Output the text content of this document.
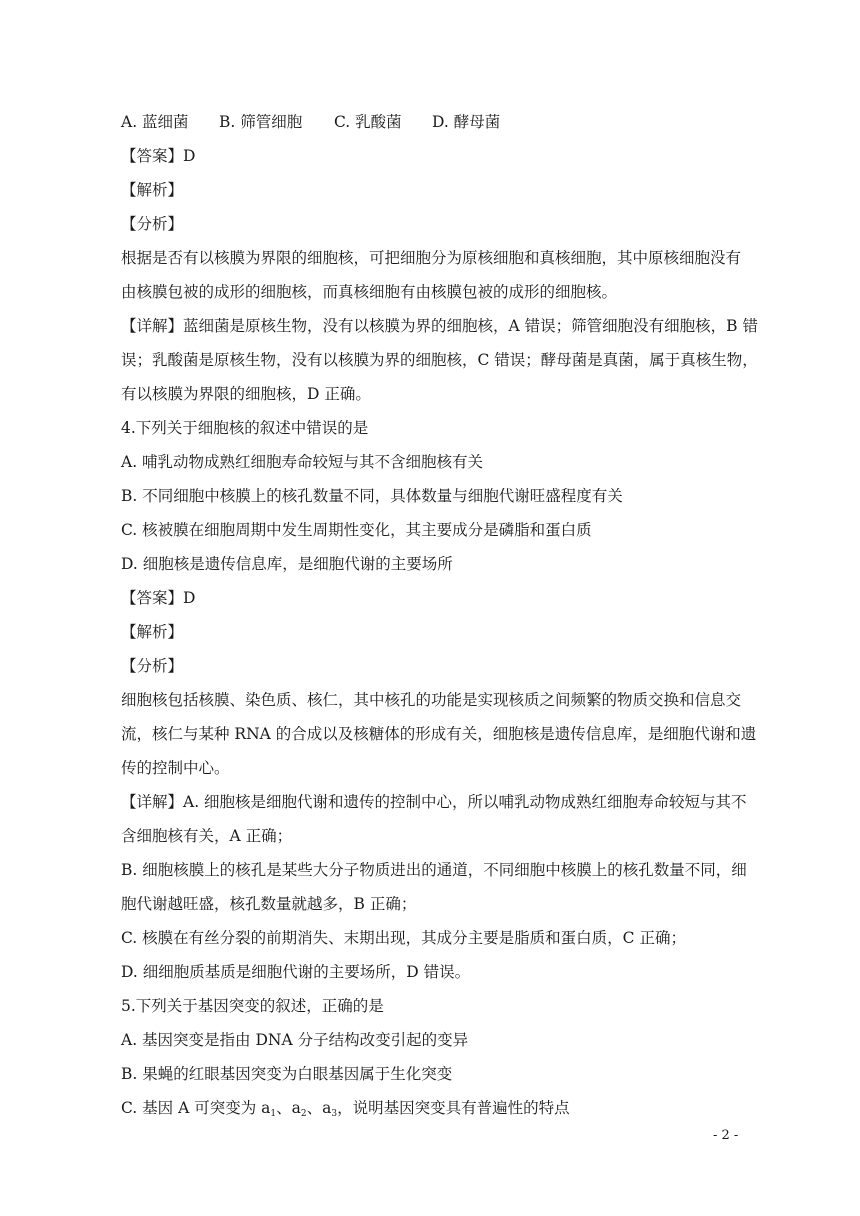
A. 蓝细菌 B. 筛管细胞 C. 乳酸菌 D. 酵母菌
【答案】D
【解析】
【分析】
根据是否有以核膜为界限的细胞核，可把细胞分为原核细胞和真核细胞，其中原核细胞没有
由核膜包被的成形的细胞核，而真核细胞有由核膜包被的成形的细胞核。
【详解】蓝细菌是原核生物，没有以核膜为界的细胞核，A 错误；筛管细胞没有细胞核，B 错
误；乳酸菌是原核生物，没有以核膜为界的细胞核，C 错误；酵母菌是真菌，属于真核生物，
有以核膜为界限的细胞核，D 正确。
4.下列关于细胞核的叙述中错误的是
A. 哺乳动物成熟红细胞寿命较短与其不含细胞核有关
B. 不同细胞中核膜上的核孔数量不同，具体数量与细胞代谢旺盛程度有关
C. 核被膜在细胞周期中发生周期性变化，其主要成分是磷脂和蛋白质
D. 细胞核是遗传信息库，是细胞代谢的主要场所
【答案】D
【解析】
【分析】
细胞核包括核膜、染色质、核仁，其中核孔的功能是实现核质之间频繁的物质交换和信息交
流，核仁与某种 RNA 的合成以及核糖体的形成有关，细胞核是遗传信息库，是细胞代谢和遗
传的控制中心。
【详解】A. 细胞核是细胞代谢和遗传的控制中心，所以哺乳动物成熟红细胞寿命较短与其不
含细胞核有关，A 正确；
B. 细胞核膜上的核孔是某些大分子物质进出的通道，不同细胞中核膜上的核孔数量不同，细
胞代谢越旺盛，核孔数量就越多，B 正确；
C. 核膜在有丝分裂的前期消失、末期出现，其成分主要是脂质和蛋白质，C 正确；
D. 细细胞质基质是细胞代谢的主要场所，D 错误。
5.下列关于基因突变的叙述，正确的是
A. 基因突变是指由 DNA 分子结构改变引起的变异
B. 果蝇的红眼基因突变为白眼基因属于生化突变
C. 基因 A 可突变为 $a_1$、$a_2$、$a_3$，说明基因突变具有普遍性的特点
- 2 -
